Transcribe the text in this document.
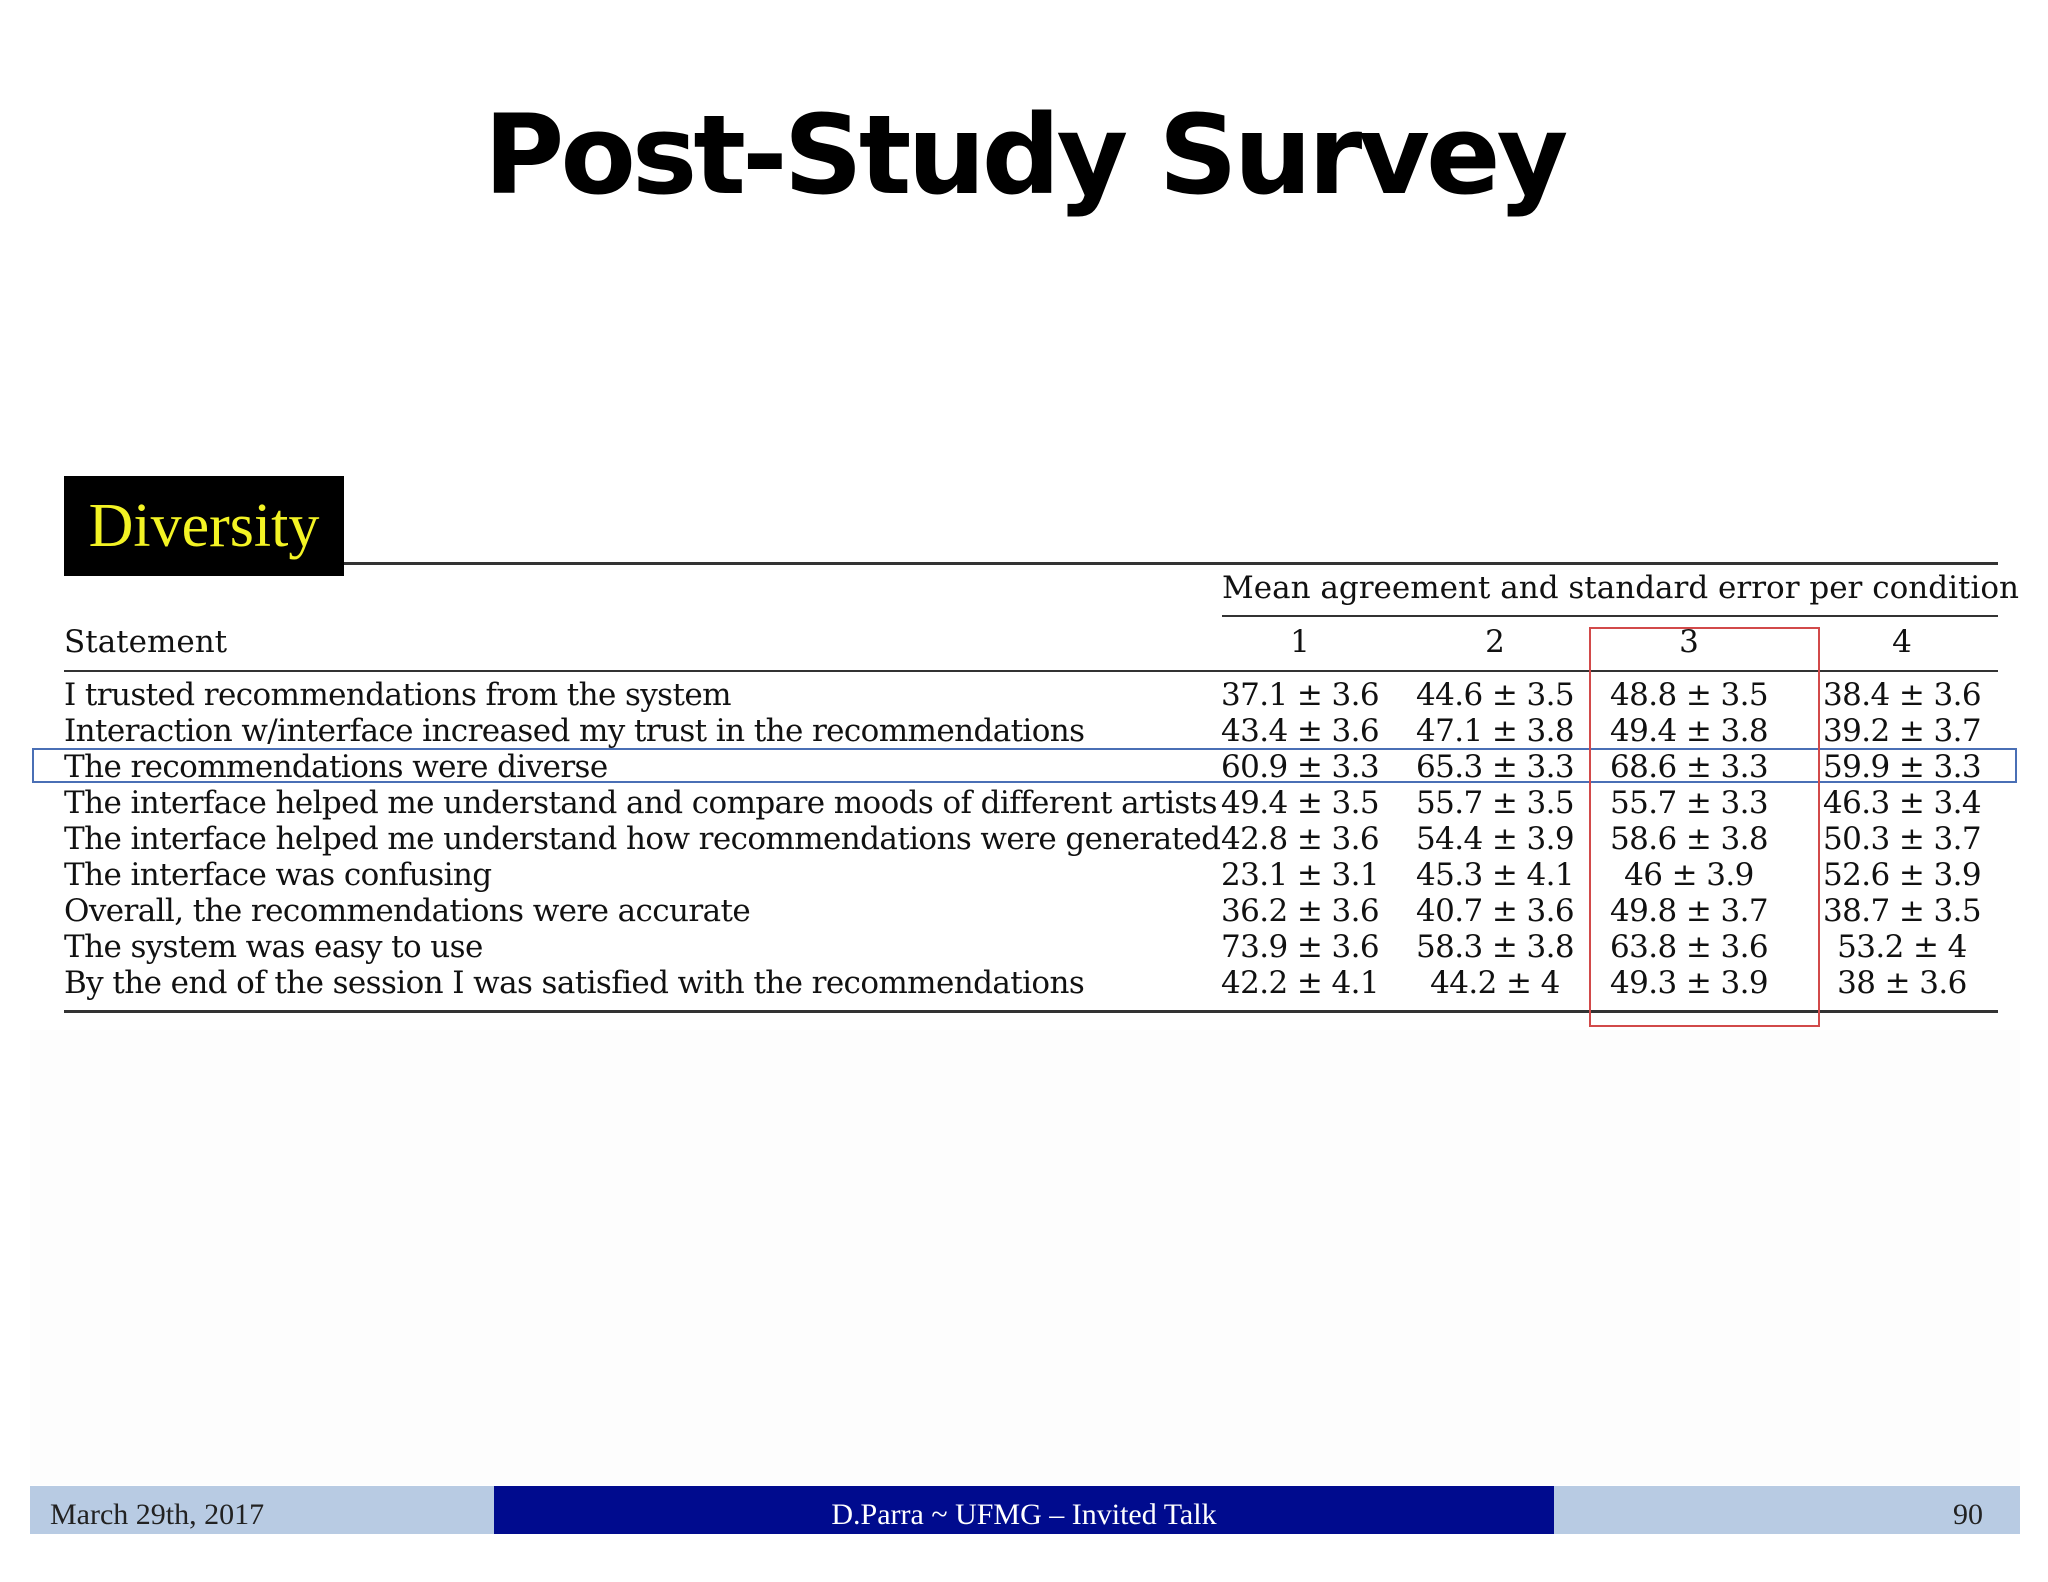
Post-Study Survey
Diversity
Mean agreement and standard error per condition
Statement	1	2	3	4
I trusted recommendations from the system	37.1 ± 3.6	44.6 ± 3.5	48.8 ± 3.5	38.4 ± 3.6
Interaction w/interface increased my trust in the recommendations	43.4 ± 3.6	47.1 ± 3.8	49.4 ± 3.8	39.2 ± 3.7
The recommendations were diverse	60.9 ± 3.3	65.3 ± 3.3	68.6 ± 3.3	59.9 ± 3.3
The interface helped me understand and compare moods of different artists 49.4 ± 3.5	55.7 ± 3.5	55.7 ± 3.3	46.3 ± 3.4
The interface helped me understand how recommendations were generated 42.8 ± 3.6	54.4 ± 3.9	58.6 ± 3.8	50.3 ± 3.7
The interface was confusing	23.1 ± 3.1	45.3 ± 4.1	46 ± 3.9	52.6 ± 3.9
Overall, the recommendations were accurate	36.2 ± 3.6	40.7 ± 3.6	49.8 ± 3.7	38.7 ± 3.5
The system was easy to use	73.9 ± 3.6	58.3 ± 3.8	63.8 ± 3.6	53.2 ± 4
By the end of the session I was satisfied with the recommendations	42.2 ± 4.1	44.2 ± 4	49.3 ± 3.9	38 ± 3.6
March 29th, 2017	D.Parra ~ UFMG – Invited Talk	90
